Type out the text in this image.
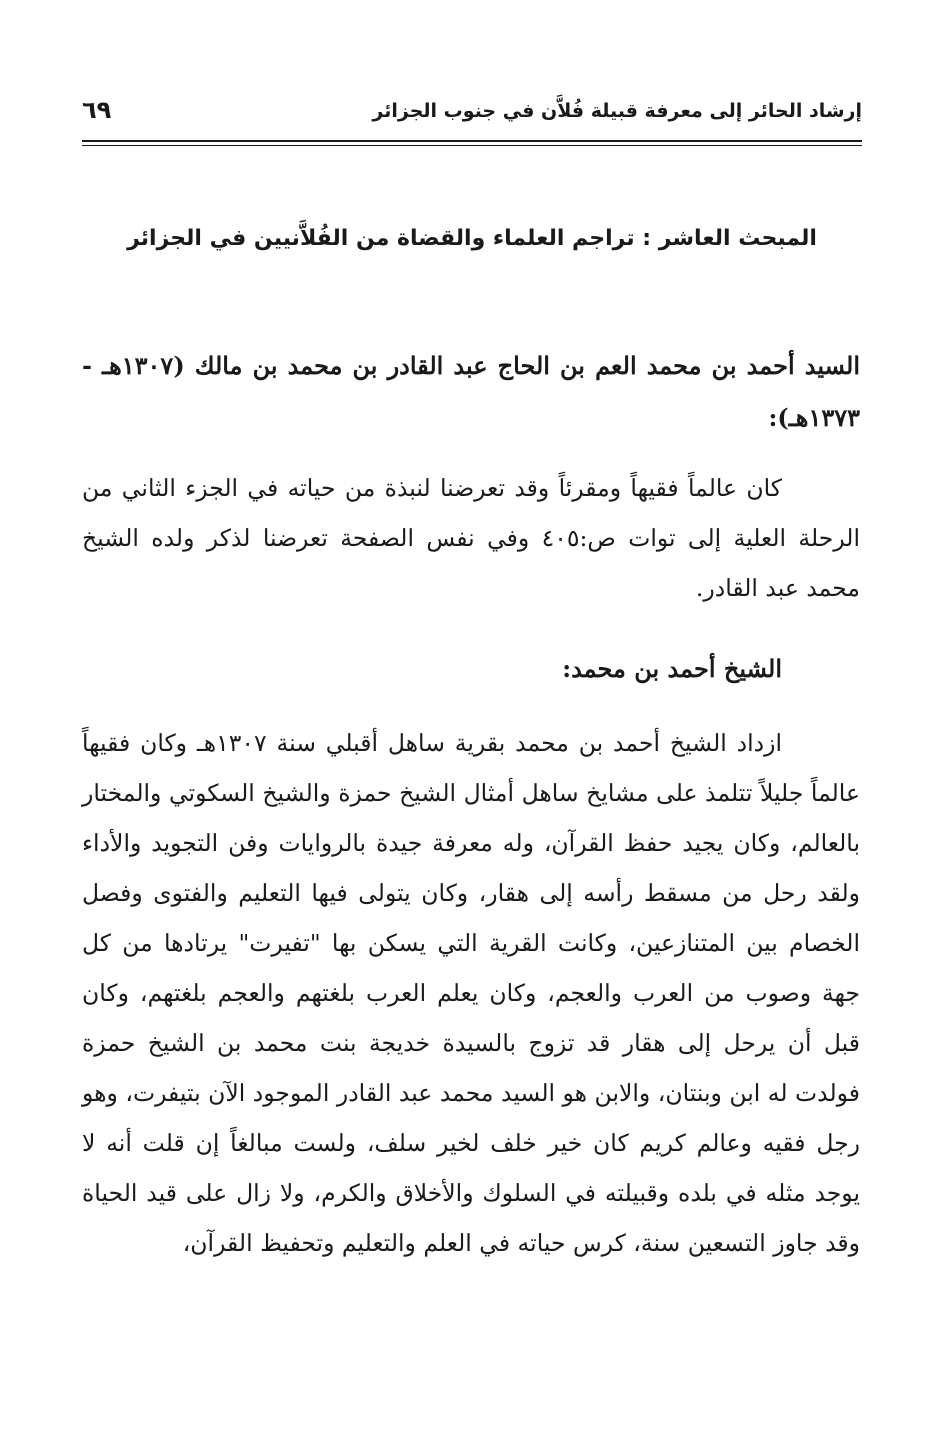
إرشاد الحائر إلى معرفة قبيلة فُلاَّن في جنوب الجزائر
٦٩
المبحث العاشر : تراجم العلماء والقضاة من الفُلاَّنيين في الجزائر
السيد أحمد بن محمد العم بن الحاج عبد القادر بن محمد بن مالك (١٣٠٧هـ - ١٣٧٣هـ):
كان عالماً فقيهاً ومقرئاً وقد تعرضنا لنبذة من حياته في الجزء الثاني من الرحلة العلية إلى توات ص:٤٠٥ وفي نفس الصفحة تعرضنا لذكر ولده الشيخ محمد عبد القادر.
الشيخ أحمد بن محمد:
ازداد الشيخ أحمد بن محمد بقرية ساهل أقبلي سنة ١٣٠٧هـ وكان فقيهاً عالماً جليلاً تتلمذ على مشايخ ساهل أمثال الشيخ حمزة والشيخ السكوتي والمختار بالعالم، وكان يجيد حفظ القرآن، وله معرفة جيدة بالروايات وفن التجويد والأداء ولقد رحل من مسقط رأسه إلى هقار، وكان يتولى فيها التعليم والفتوى وفصل الخصام بين المتنازعين، وكانت القرية التي يسكن بها "تفيرت" يرتادها من كل جهة وصوب من العرب والعجم، وكان يعلم العرب بلغتهم والعجم بلغتهم، وكان قبل أن يرحل إلى هقار قد تزوج بالسيدة خديجة بنت محمد بن الشيخ حمزة فولدت له ابن وبنتان، والابن هو السيد محمد عبد القادر الموجود الآن بتيفرت، وهو رجل فقيه وعالم كريم كان خير خلف لخير سلف، ولست مبالغاً إن قلت أنه لا يوجد مثله في بلده وقبيلته في السلوك والأخلاق والكرم، ولا زال على قيد الحياة وقد جاوز التسعين سنة، كرس حياته في العلم والتعليم وتحفيظ القرآن،
